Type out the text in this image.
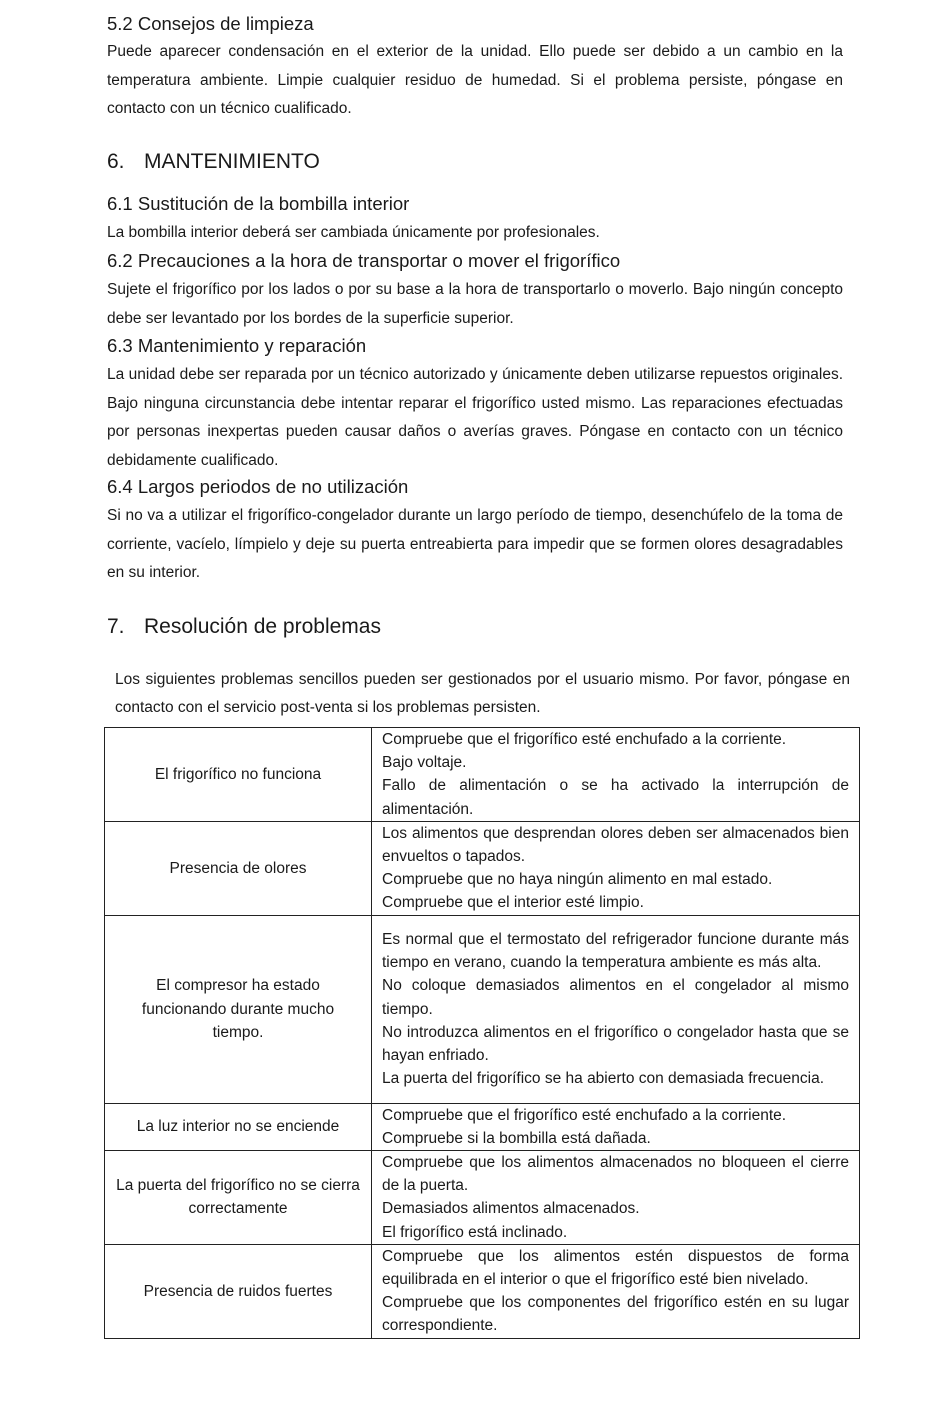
5.2 Consejos de limpieza

Puede aparecer condensación en el exterior de la unidad. Ello puede ser debido a un cambio en la temperatura ambiente. Limpie cualquier residuo de humedad. Si el problema persiste, póngase en contacto con un técnico cualificado.

6. MANTENIMIENTO
6.1 Sustitución de la bombilla interior

La bombilla interior deberá ser cambiada únicamente por profesionales.

6.2 Precauciones a la hora de transportar o mover el frigorífico

Sujete el frigorífico por los lados o por su base a la hora de transportarlo o moverlo. Bajo ningún concepto debe ser levantado por los bordes de la superficie superior.

6.3 Mantenimiento y reparación

La unidad debe ser reparada por un técnico autorizado y únicamente deben utilizarse repuestos originales. Bajo ninguna circunstancia debe intentar reparar el frigorífico usted mismo. Las reparaciones efectuadas por personas inexpertas pueden causar daños o averías graves. Póngase en contacto con un técnico debidamente cualificado.

6.4 Largos periodos de no utilización

Si no va a utilizar el frigorífico-congelador durante un largo período de tiempo, desenchúfelo de la toma de corriente, vacíelo, límpielo y deje su puerta entreabierta para impedir que se formen olores desagradables en su interior.

7. Resolución de problemas

Los siguientes problemas sencillos pueden ser gestionados por el usuario mismo. Por favor, póngase en contacto con el servicio post-venta si los problemas persisten.

El frigorífico no funciona	Compruebe que el frigorífico esté enchufado a la corriente.
Bajo voltaje.
Fallo de alimentación o se ha activado la interrupción de alimentación.

Presencia de olores	Los alimentos que desprendan olores deben ser almacenados bien envueltos o tapados.
Compruebe que no haya ningún alimento en mal estado.
Compruebe que el interior esté limpio.

El compresor ha estado funcionando durante mucho tiempo.	Es normal que el termostato del refrigerador funcione durante más tiempo en verano, cuando la temperatura ambiente es más alta.
No coloque demasiados alimentos en el congelador al mismo tiempo.
No introduzca alimentos en el frigorífico o congelador hasta que se hayan enfriado.
La puerta del frigorífico se ha abierto con demasiada frecuencia.

La luz interior no se enciende	Compruebe que el frigorífico esté enchufado a la corriente.
Compruebe si la bombilla está dañada.

La puerta del frigorífico no se cierra correctamente	Compruebe que los alimentos almacenados no bloqueen el cierre de la puerta.
Demasiados alimentos almacenados.
El frigorífico está inclinado.

Presencia de ruidos fuertes	Compruebe que los alimentos estén dispuestos de forma equilibrada en el interior o que el frigorífico esté bien nivelado.
Compruebe que los componentes del frigorífico estén en su lugar correspondiente.
